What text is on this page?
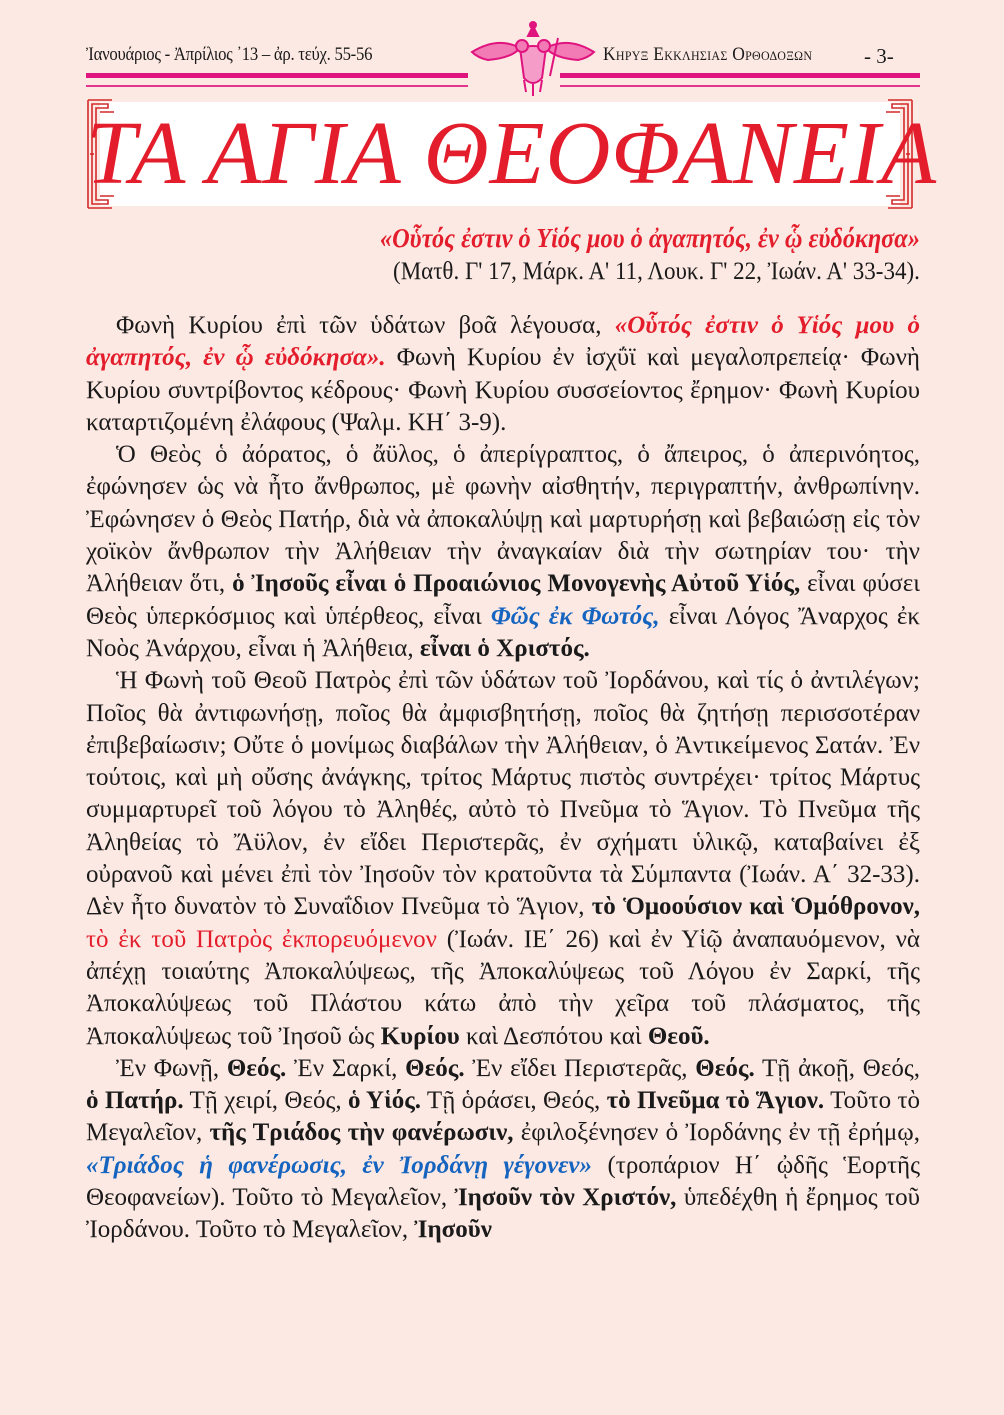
Ἰανουάριος - Ἀπρίλιος ᾽13 – ἀρ. τεύχ. 55-56	Κηρυξ Εκκλησιας Ορθοδοξων - 3-
ΤΑ ΑΓΙΑ ΘΕΟΦΑΝΕΙΑ
«Οὗτός ἐστιν ὁ Υἱός μου ὁ ἀγαπητός, ἐν ᾧ εὐδόκησα»
(Ματθ. Γ' 17, Μάρκ. Α' 11, Λουκ. Γ' 22, Ἰωάν. Α' 33-34).

Φωνὴ Κυρίου ἐπὶ τῶν ὑδάτων βοᾶ λέγουσα, «Οὗτός ἐστιν ὁ Υἱός μου ὁ ἀγαπητός, ἐν ᾧ εὐδόκησα». Φωνὴ Κυρίου ἐν ἰσχΰϊ καὶ μεγαλοπρεπείᾳ· Φωνὴ Κυρίου συντρίβοντος κέδρους· Φωνὴ Κυρίου συσσείοντος ἔρημον· Φωνὴ Κυρίου καταρτιζομένη ἐλάφους (Ψαλμ. ΚΗ΄ 3-9).

Ὁ Θεὸς ὁ ἀόρατος, ὁ ἄϋλος, ὁ ἀπερίγραπτος, ὁ ἄπειρος, ὁ ἀπερινόητος, ἐφώνησεν ὡς νὰ ἦτο ἄνθρωπος, μὲ φωνὴν αἰσθητήν, περιγραπτήν, ἀνθρωπίνην. Ἐφώνησεν ὁ Θεὸς Πατήρ, διὰ νὰ ἀποκαλύψῃ καὶ μαρτυρήσῃ καὶ βεβαιώσῃ εἰς τὸν χοϊκὸν ἄνθρωπον τὴν Ἀλήθειαν τὴν ἀναγκαίαν διὰ τὴν σωτηρίαν του· τὴν Ἀλήθειαν ὅτι, ὁ Ἰησοῦς εἶναι ὁ Προαιώνιος Μονογενὴς Αὐτοῦ Υἱός, εἶναι φύσει Θεὸς ὑπερκόσμιος καὶ ὑπέρθεος, εἶναι Φῶς ἐκ Φωτός, εἶναι Λόγος Ἄναρχος ἐκ Νοὸς Ἀνάρχου, εἶναι ἡ Ἀλήθεια, εἶναι ὁ Χριστός.

Ἡ Φωνὴ τοῦ Θεοῦ Πατρὸς ἐπὶ τῶν ὑδάτων τοῦ Ἰορδάνου, καὶ τίς ὁ ἀντιλέγων; Ποῖος θὰ ἀντιφωνήσῃ, ποῖος θὰ ἀμφισβητήσῃ, ποῖος θὰ ζητήσῃ περισσοτέραν ἐπιβεβαίωσιν; Οὔτε ὁ μονίμως διαβάλων τὴν Ἀλήθειαν, ὁ Ἀντικείμενος Σατάν. Ἐν τούτοις, καὶ μὴ οὔσης ἀνάγκης, τρίτος Μάρτυς πιστὸς συντρέχει· τρίτος Μάρτυς συμμαρτυρεῖ τοῦ λόγου τὸ Ἀληθές, αὐτὸ τὸ Πνεῦμα τὸ Ἅγιον. Τὸ Πνεῦμα τῆς Ἀληθείας τὸ Ἄϋλον, ἐν εἴδει Περιστερᾶς, ἐν σχήματι ὑλικῷ, καταβαίνει ἐξ οὐρανοῦ καὶ μένει ἐπὶ τὸν Ἰησοῦν τὸν κρατοῦντα τὰ Σύμπαντα (Ἰωάν. Α΄ 32-33). Δὲν ἦτο δυνατὸν τὸ Συναΐδιον Πνεῦμα τὸ Ἅγιον, τὸ Ὁμοούσιον καὶ Ὁμόθρονον, τὸ ἐκ τοῦ Πατρὸς ἐκπορευόμενον (Ἰωάν. ΙΕ΄ 26) καὶ ἐν Υἱῷ ἀναπαυόμενον, νὰ ἀπέχῃ τοιαύτης Ἀποκαλύψεως, τῆς Ἀποκαλύψεως τοῦ Λόγου ἐν Σαρκί, τῆς Ἀποκαλύψεως τοῦ Πλάστου κάτω ἀπὸ τὴν χεῖρα τοῦ πλάσματος, τῆς Ἀποκαλύψεως τοῦ Ἰησοῦ ὡς Κυρίου καὶ Δεσπότου καὶ Θεοῦ.

Ἐν Φωνῇ, Θεός. Ἐν Σαρκί, Θεός. Ἐν εἴδει Περιστερᾶς, Θεός. Τῇ ἀκοῇ, Θεός, ὁ Πατήρ. Τῇ χειρί, Θεός, ὁ Υἱός. Τῇ ὁράσει, Θεός, τὸ Πνεῦμα τὸ Ἅγιον. Τοῦτο τὸ Μεγαλεῖον, τῆς Τριάδος τὴν φανέρωσιν, ἐφιλοξένησεν ὁ Ἰορδάνης ἐν τῇ ἐρήμῳ, «Τριάδος ἡ φανέρωσις, ἐν Ἰορδάνῃ γέγονεν» (τροπάριον Η΄ ᾠδῆς Ἑορτῆς Θεοφανείων). Τοῦτο τὸ Μεγαλεῖον, Ἰησοῦν τὸν Χριστόν, ὑπεδέχθη ἡ ἔρημος τοῦ Ἰορδάνου. Τοῦτο τὸ Μεγαλεῖον, Ἰησοῦν
